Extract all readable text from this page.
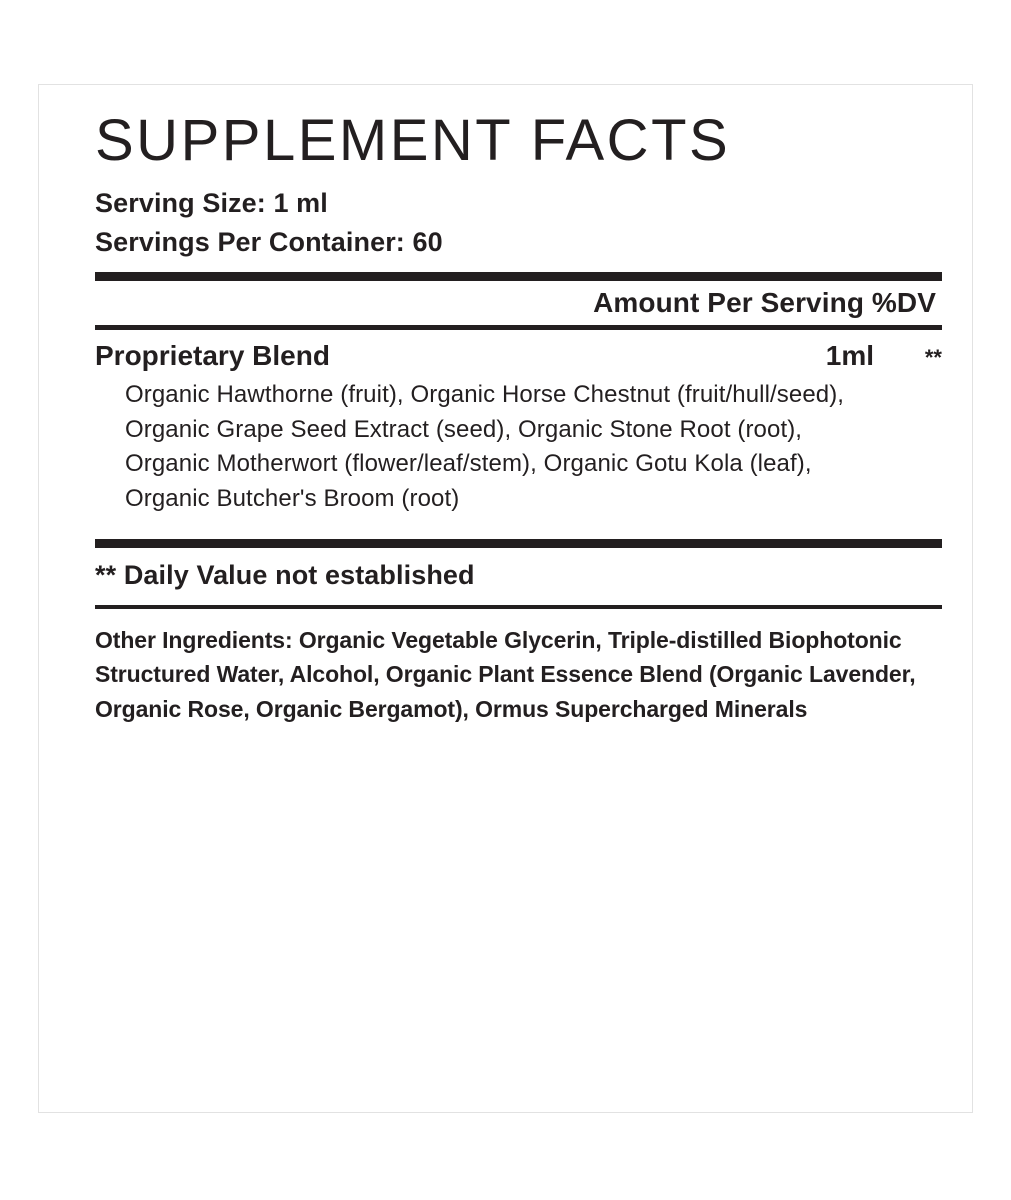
SUPPLEMENT FACTS
Serving Size: 1 ml
Servings Per Container: 60
Amount Per Serving %DV
Proprietary Blend	1ml	**
Organic Hawthorne (fruit), Organic Horse Chestnut (fruit/hull/seed), Organic Grape Seed Extract (seed), Organic Stone Root (root), Organic Motherwort (flower/leaf/stem), Organic Gotu Kola (leaf), Organic Butcher's Broom (root)
** Daily Value not established
Other Ingredients: Organic Vegetable Glycerin, Triple-distilled Biophotonic Structured Water, Alcohol, Organic Plant Essence Blend (Organic Lavender, Organic Rose, Organic Bergamot), Ormus Supercharged Minerals
